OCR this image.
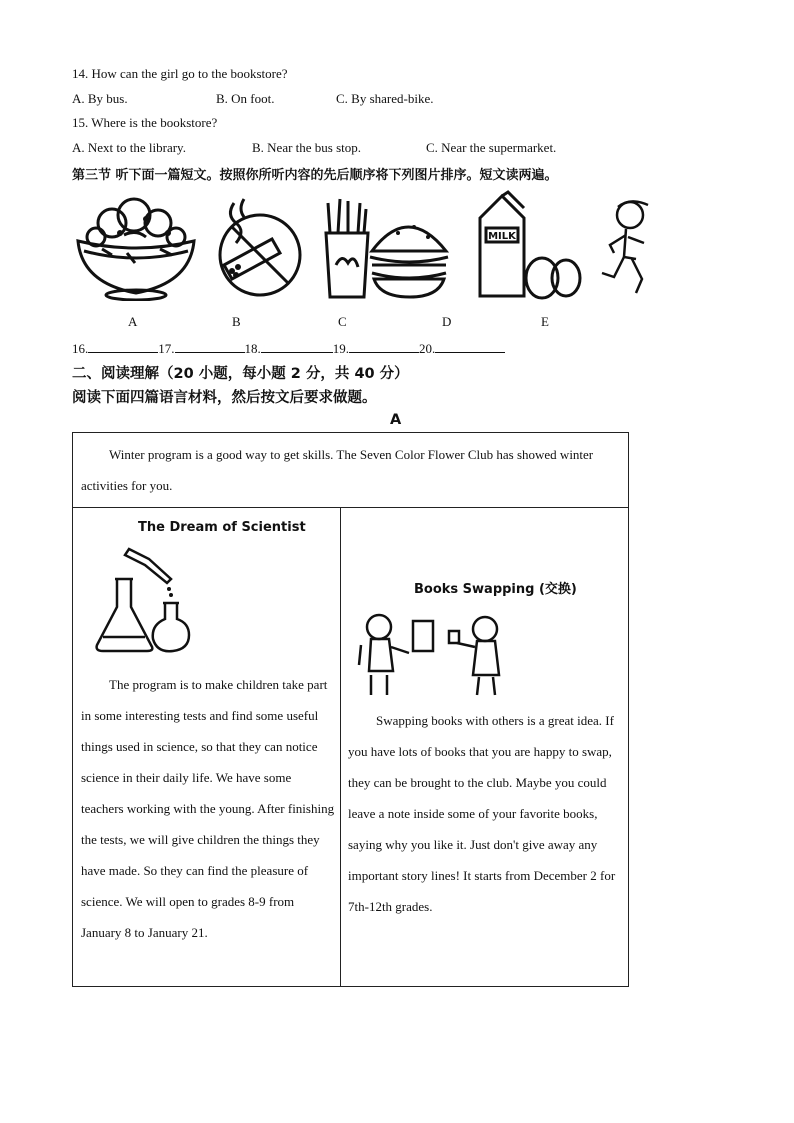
14. How can the girl go to the bookstore?
A. By bus.	B. On foot.	C. By shared-bike.
15. Where is the bookstore?
A. Next to the library.	B. Near the bus stop.	C. Near the supermarket.
第三节 听下面一篇短文。按照你所听内容的先后顺序将下列图片排序。短文读两遍。
MILK
A	B	C	D	E
16.	17.	18.	19.	20.
二、阅读理解（20 小题，每小题 2 分，共 40 分）
阅读下面四篇语言材料，然后按文后要求做题。
A
Winter program is a good way to get skills. The Seven Color Flower Club has showed winter activities for you.
The Dream of Scientist
The program is to make children take part in some interesting tests and find some useful things used in science, so that they can notice science in their daily life. We have some teachers working with the young. After finishing the tests, we will give children the things they have made. So they can find the pleasure of science. We will open to grades 8-9 from January 8 to January 21.
Books Swapping (交换)
Swapping books with others is a great idea. If you have lots of books that you are happy to swap, they can be brought to the club. Maybe you could leave a note inside some of your favorite books, saying why you like it. Just don't give away any important story lines! It starts from December 2 for 7th-12th grades.
